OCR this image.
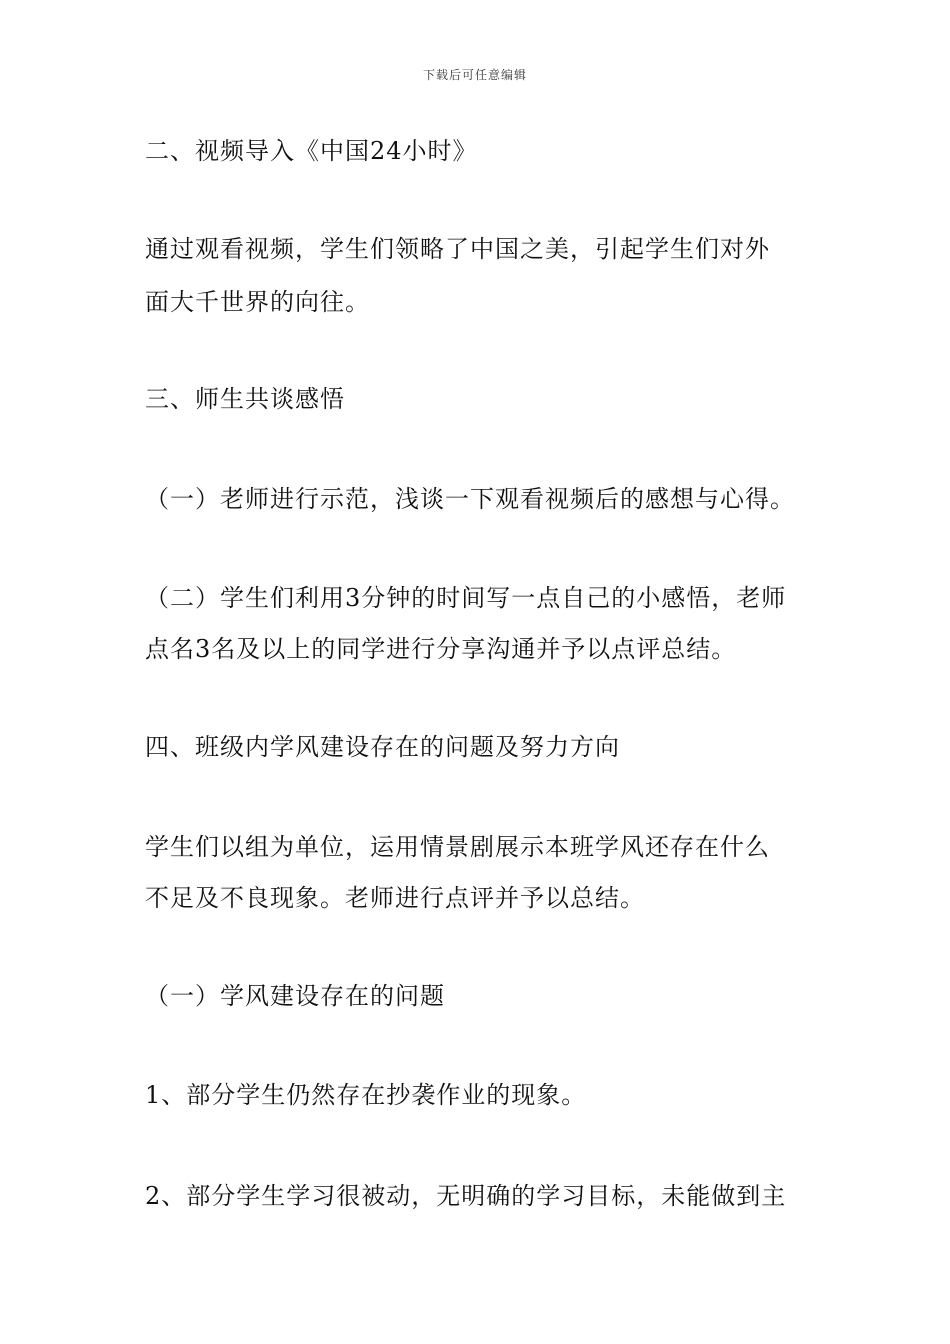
下载后可任意编辑
二、视频导入《中国24小时》
通过观看视频，学生们领略了中国之美，引起学生们对外
面大千世界的向往。
三、师生共谈感悟
（一）老师进行示范，浅谈一下观看视频后的感想与心得。
（二）学生们利用3分钟的时间写一点自己的小感悟，老师
点名3名及以上的同学进行分享沟通并予以点评总结。
四、班级内学风建设存在的问题及努力方向
学生们以组为单位，运用情景剧展示本班学风还存在什么
不足及不良现象。老师进行点评并予以总结。
（一）学风建设存在的问题
1、部分学生仍然存在抄袭作业的现象。
2、部分学生学习很被动，无明确的学习目标，未能做到主
